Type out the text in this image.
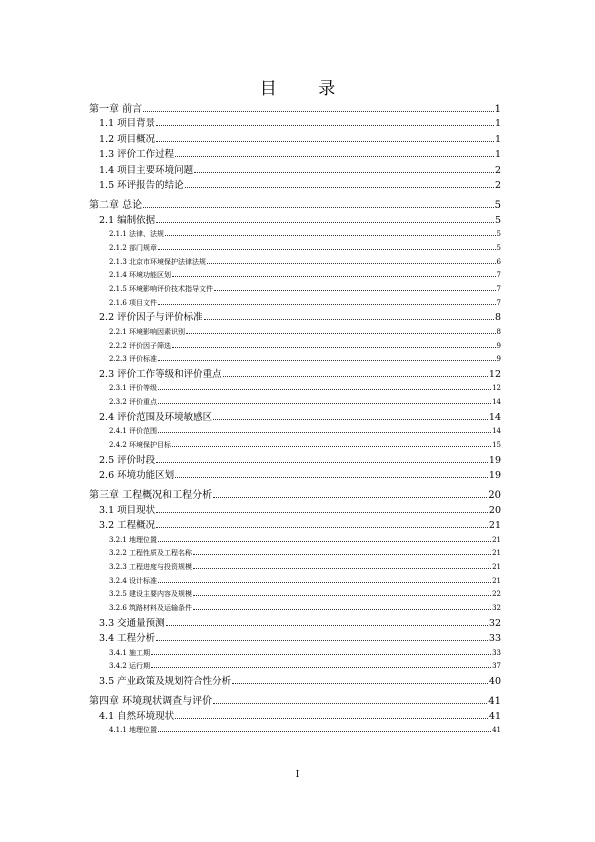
目 录
第一章 前言	1
1.1 项目背景	1
1.2 项目概况	1
1.3 评价工作过程	1
1.4 项目主要环境问题	2
1.5 环评报告的结论	2
第二章 总论	5
2.1 编制依据	5
2.1.1 法律、法规	5
2.1.2 部门规章	5
2.1.3 北京市环境保护法律法规	6
2.1.4 环境功能区划	7
2.1.5 环境影响评价技术指导文件	7
2.1.6 项目文件	7
2.2 评价因子与评价标准	8
2.2.1 环境影响因素识别	8
2.2.2 评价因子筛选	9
2.2.3 评价标准	9
2.3 评价工作等级和评价重点	12
2.3.1 评价等级	12
2.3.2 评价重点	14
2.4 评价范围及环境敏感区	14
2.4.1 评价范围	14
2.4.2 环境保护目标	15
2.5 评价时段	19
2.6 环境功能区划	19
第三章 工程概况和工程分析	20
3.1 项目现状	20
3.2 工程概况	21
3.2.1 地理位置	21
3.2.2 工程性质及工程名称	21
3.2.3 工程进度与投资规模	21
3.2.4 设计标准	21
3.2.5 建设主要内容及规模	22
3.2.6 筑路材料及运输条件	32
3.3 交通量预测	32
3.4 工程分析	33
3.4.1 施工期	33
3.4.2 运行期	37
3.5 产业政策及规划符合性分析	40
第四章 环境现状调查与评价	41
4.1 自然环境现状	41
4.1.1 地理位置	41
I
